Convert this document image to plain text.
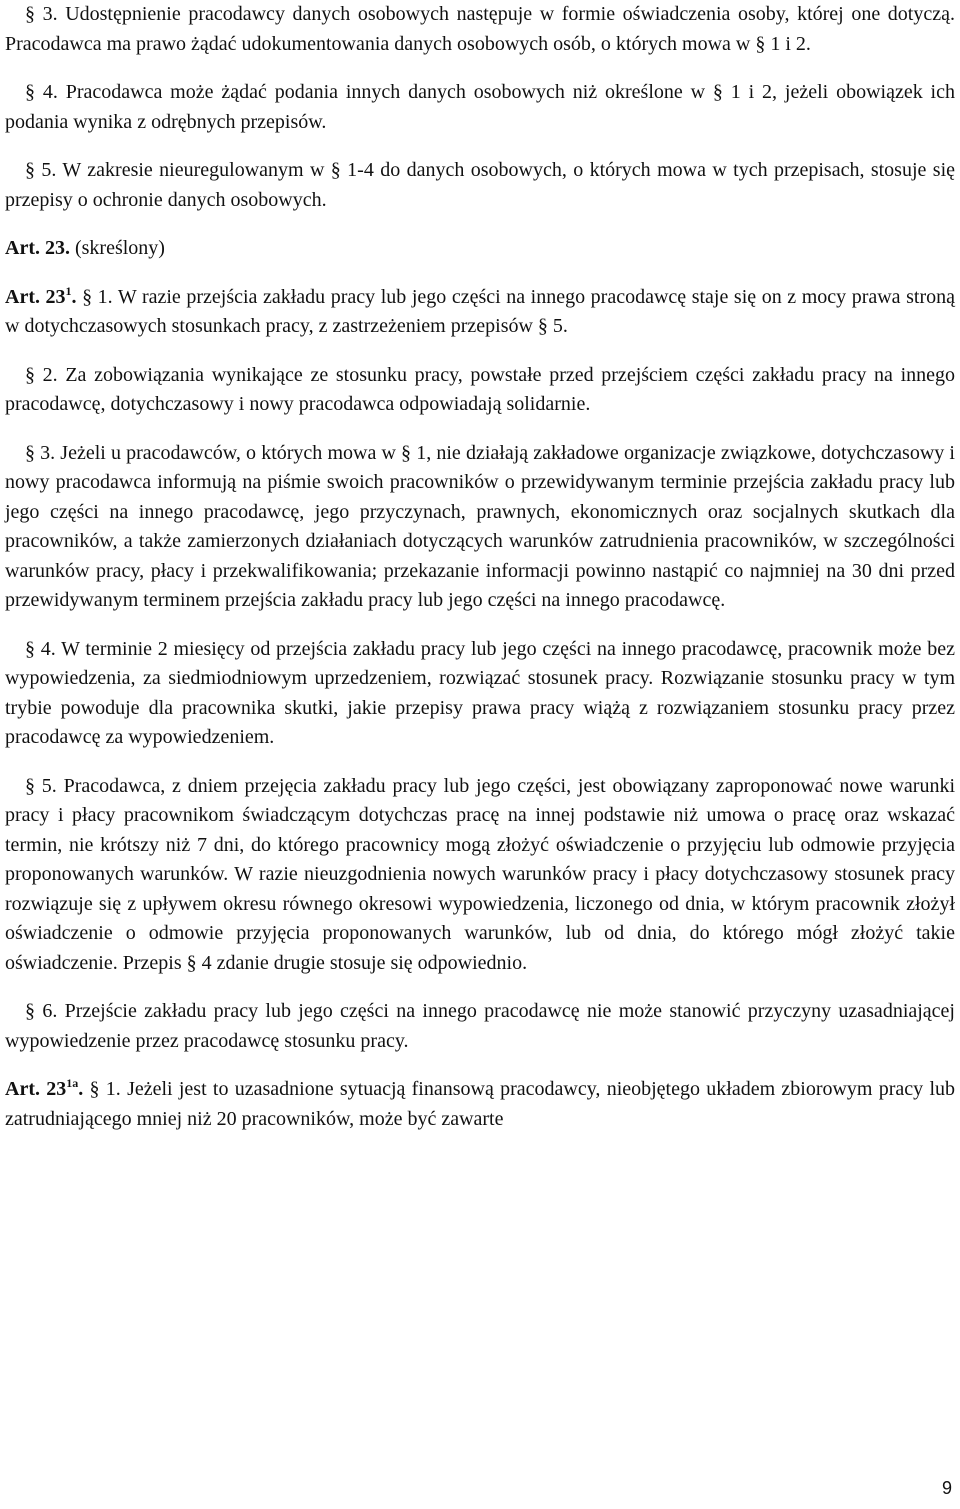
§ 3. Udostępnienie pracodawcy danych osobowych następuje w formie oświadczenia osoby, której one dotyczą. Pracodawca ma prawo żądać udokumentowania danych osobowych osób, o których mowa w § 1 i 2.

§ 4. Pracodawca może żądać podania innych danych osobowych niż określone w § 1 i 2, jeżeli obowiązek ich podania wynika z odrębnych przepisów.

§ 5. W zakresie nieuregulowanym w § 1-4 do danych osobowych, o których mowa w tych przepisach, stosuje się przepisy o ochronie danych osobowych.

Art. 23. (skreślony)

Art. $23^1$. § 1. W razie przejścia zakładu pracy lub jego części na innego pracodawcę staje się on z mocy prawa stroną w dotychczasowych stosunkach pracy, z zastrzeżeniem przepisów § 5.

§ 2. Za zobowiązania wynikające ze stosunku pracy, powstałe przed przejściem części zakładu pracy na innego pracodawcę, dotychczasowy i nowy pracodawca odpowiadają solidarnie.

§ 3. Jeżeli u pracodawców, o których mowa w § 1, nie działają zakładowe organizacje związkowe, dotychczasowy i nowy pracodawca informują na piśmie swoich pracowników o przewidywanym terminie przejścia zakładu pracy lub jego części na innego pracodawcę, jego przyczynach, prawnych, ekonomicznych oraz socjalnych skutkach dla pracowników, a także zamierzonych działaniach dotyczących warunków zatrudnienia pracowników, w szczególności warunków pracy, płacy i przekwalifikowania; przekazanie informacji powinno nastąpić co najmniej na 30 dni przed przewidywanym terminem przejścia zakładu pracy lub jego części na innego pracodawcę.

§ 4. W terminie 2 miesięcy od przejścia zakładu pracy lub jego części na innego pracodawcę, pracownik może bez wypowiedzenia, za siedmiodniowym uprzedzeniem, rozwiązać stosunek pracy. Rozwiązanie stosunku pracy w tym trybie powoduje dla pracownika skutki, jakie przepisy prawa pracy wiążą z rozwiązaniem stosunku pracy przez pracodawcę za wypowiedzeniem.

§ 5. Pracodawca, z dniem przejęcia zakładu pracy lub jego części, jest obowiązany zaproponować nowe warunki pracy i płacy pracownikom świadczącym dotychczas pracę na innej podstawie niż umowa o pracę oraz wskazać termin, nie krótszy niż 7 dni, do którego pracownicy mogą złożyć oświadczenie o przyjęciu lub odmowie przyjęcia proponowanych warunków. W razie nieuzgodnienia nowych warunków pracy i płacy dotychczasowy stosunek pracy rozwiązuje się z upływem okresu równego okresowi wypowiedzenia, liczonego od dnia, w którym pracownik złożył oświadczenie o odmowie przyjęcia proponowanych warunków, lub od dnia, do którego mógł złożyć takie oświadczenie. Przepis § 4 zdanie drugie stosuje się odpowiednio.

§ 6. Przejście zakładu pracy lub jego części na innego pracodawcę nie może stanowić przyczyny uzasadniającej wypowiedzenie przez pracodawcę stosunku pracy.

Art. $23^{1a}$. § 1. Jeżeli jest to uzasadnione sytuacją finansową pracodawcy, nieobjętego układem zbiorowym pracy lub zatrudniającego mniej niż 20 pracowników, może być zawarte

9
